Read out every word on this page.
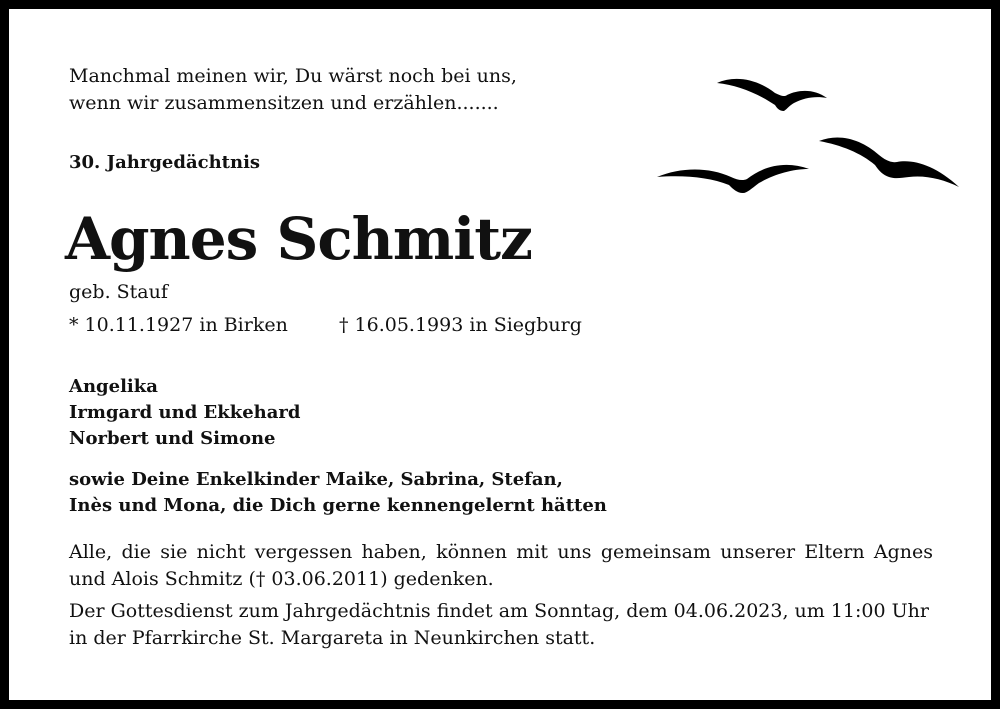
Manchmal meinen wir, Du wärst noch bei uns,
wenn wir zusammensitzen und erzählen.......
30. Jahrgedächtnis
Agnes Schmitz
geb. Stauf
* 10.11.1927 in Birken	† 16.05.1993 in Siegburg
Angelika
Irmgard und Ekkehard
Norbert und Simone
sowie Deine Enkelkinder Maike, Sabrina, Stefan,
Inès und Mona, die Dich gerne kennengelernt hätten
Alle, die sie nicht vergessen haben, können mit uns gemeinsam unserer Eltern Agnes und Alois Schmitz († 03.06.2011) gedenken.
Der Gottesdienst zum Jahrgedächtnis findet am Sonntag, dem 04.06.2023, um 11:00 Uhr in der Pfarrkirche St. Margareta in Neunkirchen statt.
